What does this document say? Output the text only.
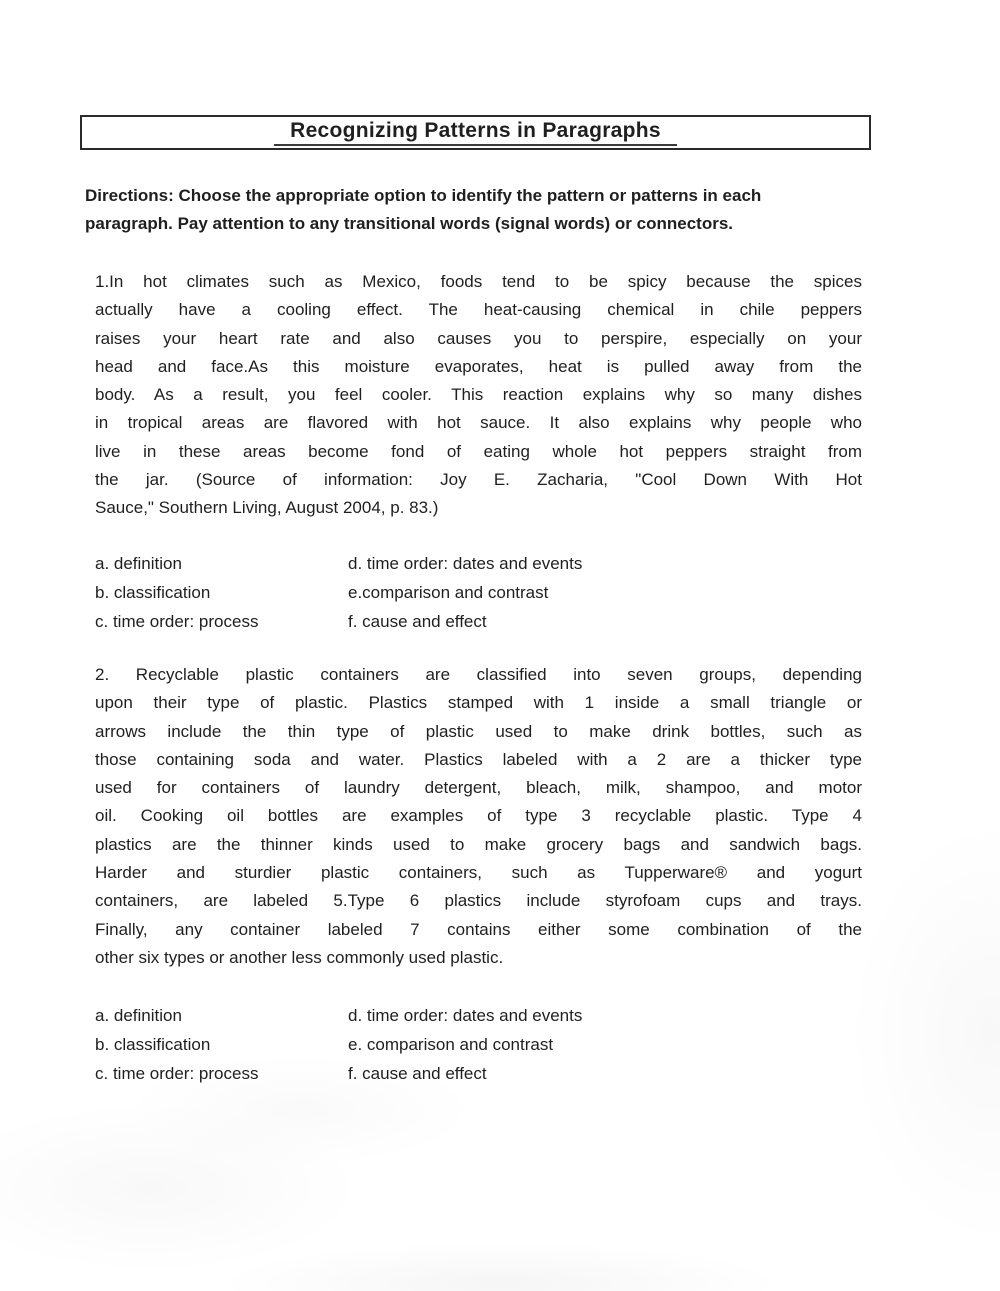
Recognizing Patterns in Paragraphs
Directions: Choose the appropriate option to identify the pattern or patterns in each
paragraph. Pay attention to any transitional words (signal words) or connectors.
1.In hot climates such as Mexico, foods tend to be spicy because the spices
actually have a cooling effect. The heat-causing chemical in chile peppers
raises your heart rate and also causes you to perspire, especially on your
head and face.As this moisture evaporates, heat is pulled away from the
body. As a result, you feel cooler. This reaction explains why so many dishes
in tropical areas are flavored with hot sauce. It also explains why people who
live in these areas become fond of eating whole hot peppers straight from
the jar. (Source of information: Joy E. Zacharia, "Cool Down With Hot
Sauce," Southern Living, August 2004, p. 83.)
a. definition	d. time order: dates and events
b. classification	e.comparison and contrast
c. time order: process	f. cause and effect
2. Recyclable plastic containers are classified into seven groups, depending
upon their type of plastic. Plastics stamped with 1 inside a small triangle or
arrows include the thin type of plastic used to make drink bottles, such as
those containing soda and water. Plastics labeled with a 2 are a thicker type
used for containers of laundry detergent, bleach, milk, shampoo, and motor
oil. Cooking oil bottles are examples of type 3 recyclable plastic. Type 4
plastics are the thinner kinds used to make grocery bags and sandwich bags.
Harder and sturdier plastic containers, such as Tupperware® and yogurt
containers, are labeled 5.Type 6 plastics include styrofoam cups and trays.
Finally, any container labeled 7 contains either some combination of the
other six types or another less commonly used plastic.
a. definition	d. time order: dates and events
b. classification	e. comparison and contrast
c. time order: process	f. cause and effect
